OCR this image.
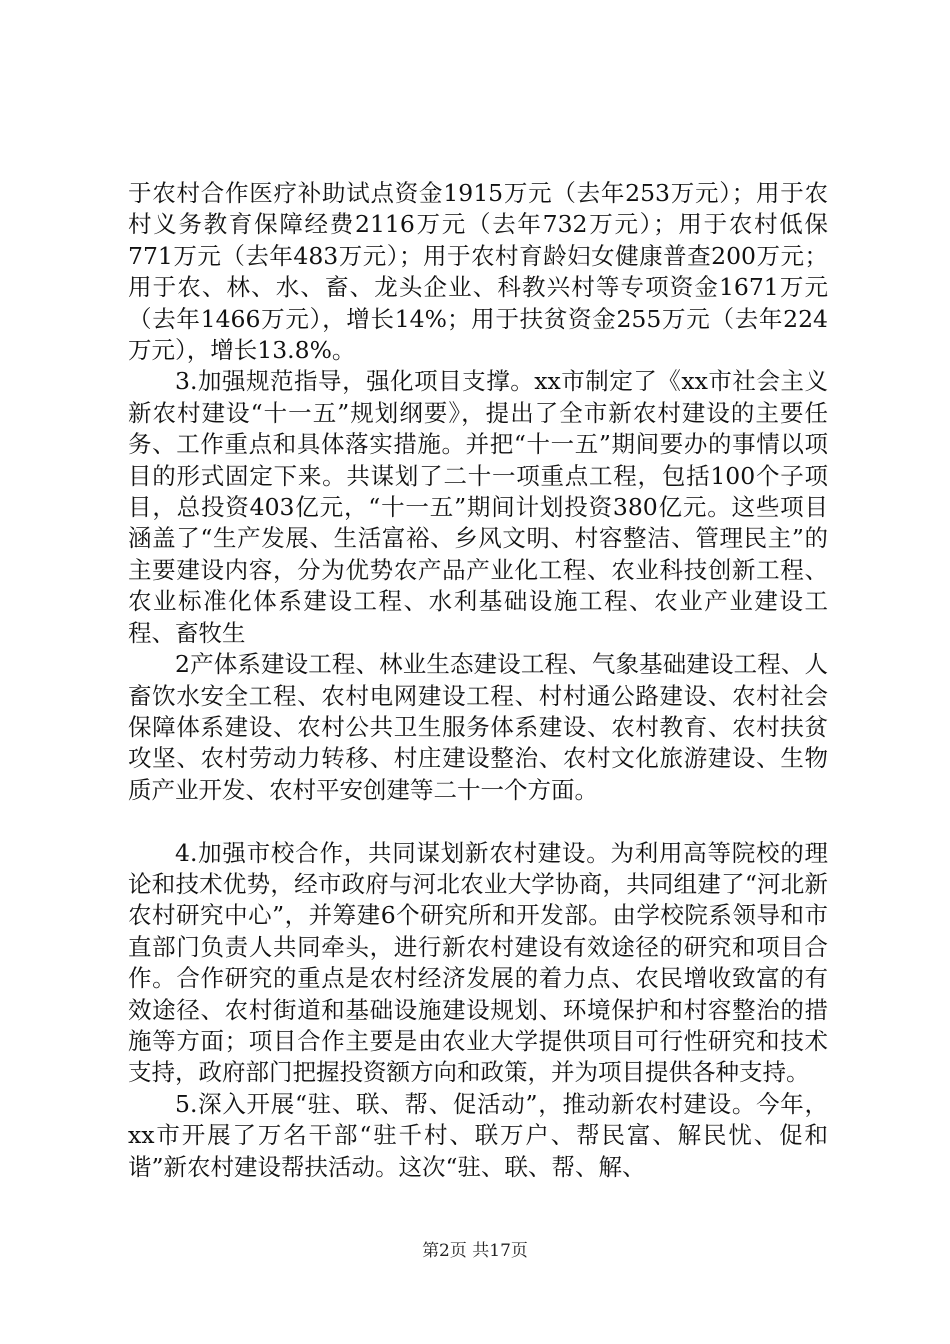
于农村合作医疗补助试点资金1915万元（去年253万元）；用于农村义务教育保障经费2116万元（去年732万元）；用于农村低保771万元（去年483万元）；用于农村育龄妇女健康普查200万元；用于农、林、水、畜、龙头企业、科教兴村等专项资金1671万元（去年1466万元），增长14%；用于扶贫资金255万元（去年224万元），增长13.8%。

3.加强规范指导，强化项目支撑。xx市制定了《xx市社会主义新农村建设“十一五”规划纲要》，提出了全市新农村建设的主要任务、工作重点和具体落实措施。并把“十一五”期间要办的事情以项目的形式固定下来。共谋划了二十一项重点工程，包括100个子项目，总投资403亿元，“十一五”期间计划投资380亿元。这些项目涵盖了“生产发展、生活富裕、乡风文明、村容整洁、管理民主”的主要建设内容，分为优势农产品产业化工程、农业科技创新工程、农业标准化体系建设工程、水利基础设施工程、农业产业建设工程、畜牧生

2产体系建设工程、林业生态建设工程、气象基础建设工程、人畜饮水安全工程、农村电网建设工程、村村通公路建设、农村社会保障体系建设、农村公共卫生服务体系建设、农村教育、农村扶贫攻坚、农村劳动力转移、村庄建设整治、农村文化旅游建设、生物质产业开发、农村平安创建等二十一个方面。

4.加强市校合作，共同谋划新农村建设。为利用高等院校的理论和技术优势，经市政府与河北农业大学协商，共同组建了“河北新农村研究中心”，并筹建6个研究所和开发部。由学校院系领导和市直部门负责人共同牵头，进行新农村建设有效途径的研究和项目合作。合作研究的重点是农村经济发展的着力点、农民增收致富的有效途径、农村街道和基础设施建设规划、环境保护和村容整治的措施等方面；项目合作主要是由农业大学提供项目可行性研究和技术支持，政府部门把握投资额方向和政策，并为项目提供各种支持。

5.深入开展“驻、联、帮、促活动”，推动新农村建设。今年，xx市开展了万名干部“驻千村、联万户、帮民富、解民忧、促和谐”新农村建设帮扶活动。这次“驻、联、帮、解、

第2页 共17页
